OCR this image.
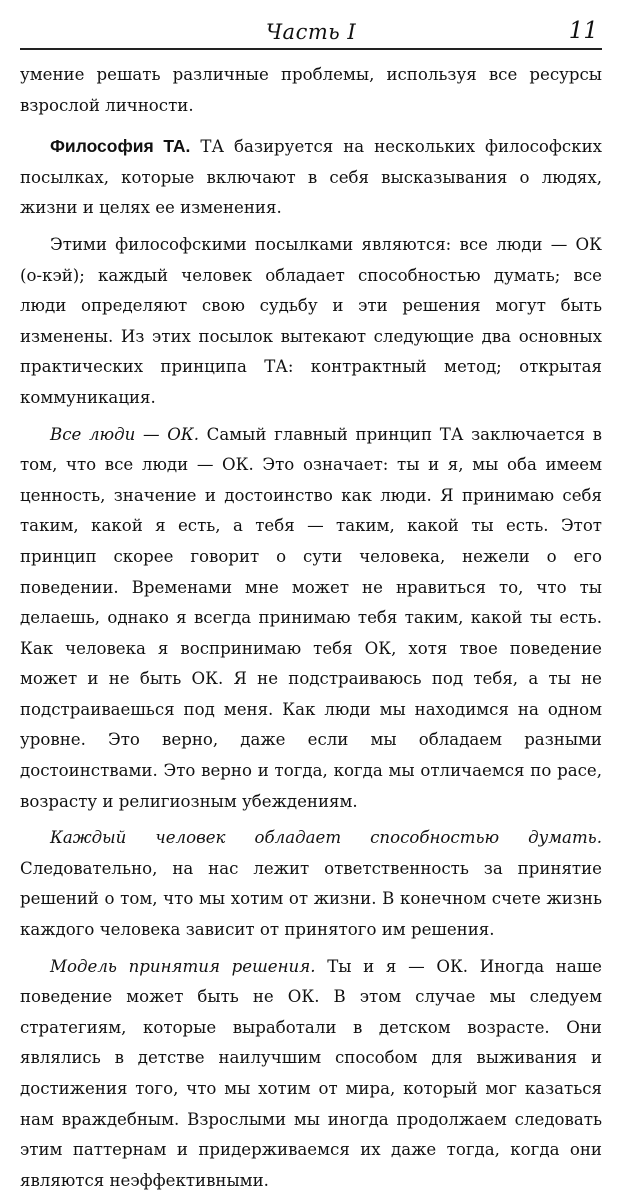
Часть I	11

умение решать различные проблемы, используя все ресурсы взрослой личности.

Философия ТА. ТА базируется на нескольких философских посылках, которые включают в себя высказывания о людях, жизни и целях ее изменения.

Этими философскими посылками являются: все люди — ОК (о-кэй); каждый человек обладает способностью думать; все люди определяют свою судьбу и эти решения могут быть изменены. Из этих посылок вытекают следующие два основных практических принципа ТА: контрактный метод; открытая коммуникация.

Все люди — ОК. Самый главный принцип ТА заключается в том, что все люди — ОК. Это означает: ты и я, мы оба имеем ценность, значение и достоинство как люди. Я принимаю себя таким, какой я есть, а тебя — таким, какой ты есть. Этот принцип скорее говорит о сути человека, нежели о его поведении. Временами мне может не нравиться то, что ты делаешь, однако я всегда принимаю тебя таким, какой ты есть. Как человека я воспринимаю тебя ОК, хотя твое поведение может и не быть ОК. Я не подстраиваюсь под тебя, а ты не подстраиваешься под меня. Как люди мы находимся на одном уровне. Это верно, даже если мы обладаем разными достоинствами. Это верно и тогда, когда мы отличаемся по расе, возрасту и религиозным убеждениям.

Каждый человек обладает способностью думать. Следовательно, на нас лежит ответственность за принятие решений о том, что мы хотим от жизни. В конечном счете жизнь каждого человека зависит от принятого им решения.

Модель принятия решения. Ты и я — ОК. Иногда наше поведение может быть не ОК. В этом случае мы следуем стратегиям, которые выработали в детском возрасте. Они являлись в детстве наилучшим способом для выживания и достижения того, что мы хотим от мира, который мог казаться нам враждебным. Взрослыми мы иногда продолжаем следовать этим паттернам и придерживаемся их даже тогда, когда они являются неэффективными.
